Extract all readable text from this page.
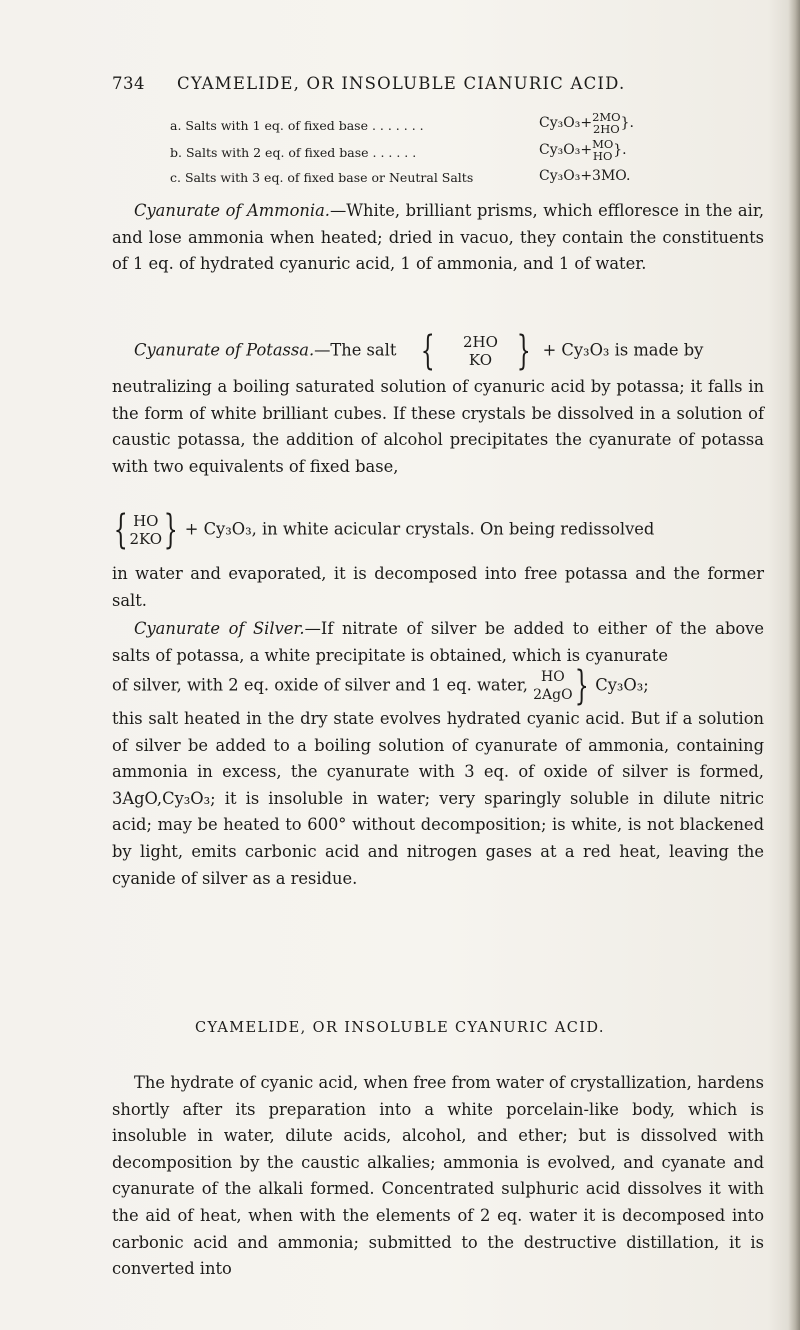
734 CYAMELIDE, OR INSOLUBLE CIANURIC ACID.
a. Salts with 1 eq. of fixed base . . . . . . .	Cy₃O₃+ 2MO
2HO }.
b. Salts with 2 eq. of fixed base . . . . . .	Cy₃O₃+ MO
HO }.
c. Salts with 3 eq. of fixed base or Neutral Salts	Cy₃O₃+3MO.

Cyanurate of Ammonia.—White, brilliant prisms, which effloresce in the air, and lose ammonia when heated; dried in vacuo, they contain the constituents of 1 eq. of hydrated cyanuric acid, 1 of ammonia, and 1 of water.

Cyanurate of Potassa.—The salt {	2HO
KO } + Cy₃O₃ is made by

neutralizing a boiling saturated solution of cyanuric acid by potassa; it falls in the form of white brilliant cubes. If these crystals be dissolved in a solution of caustic potassa, the addition of alcohol precipitates the cyanurate of potassa with two equivalents of fixed base,

{ HO
2KO } + Cy₃O₃, in white acicular crystals. On being redissolved

in water and evaporated, it is decomposed into free potassa and the former salt.

Cyanurate of Silver.—If nitrate of silver be added to either of the above salts of potassa, a white precipitate is obtained, which is cyanurate

of silver, with 2 eq. oxide of silver and 1 eq. water, HO
2AgO } Cy₃O₃;

this salt heated in the dry state evolves hydrated cyanic acid. But if a solution of silver be added to a boiling solution of cyanurate of ammonia, containing ammonia in excess, the cyanurate with 3 eq. of oxide of silver is formed, 3AgO,Cy₃O₃; it is insoluble in water; very sparingly soluble in dilute nitric acid; may be heated to 600° without decomposition; is white, is not blackened by light, emits carbonic acid and nitrogen gases at a red heat, leaving the cyanide of silver as a residue.

CYAMELIDE, OR INSOLUBLE CYANURIC ACID.

The hydrate of cyanic acid, when free from water of crystallization, hardens shortly after its preparation into a white porcelain-like body, which is insoluble in water, dilute acids, alcohol, and ether; but is dissolved with decomposition by the caustic alkalies; ammonia is evolved, and cyanate and cyanurate of the alkali formed. Concentrated sulphuric acid dissolves it with the aid of heat, when with the elements of 2 eq. water it is decomposed into carbonic acid and ammonia; submitted to the destructive distillation, it is converted into
